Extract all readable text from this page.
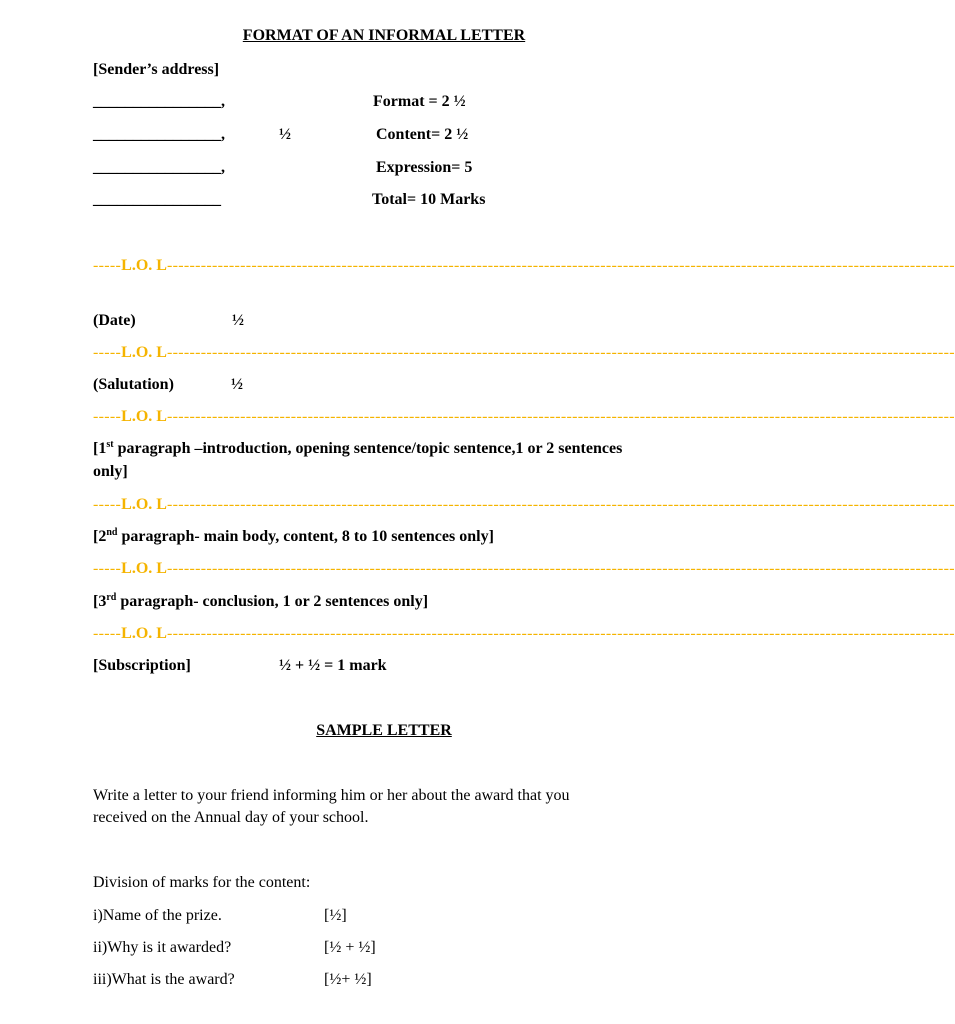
FORMAT OF AN INFORMAL LETTER
[Sender’s address]
________________,	Format = 2 ½
________________,	½	Content= 2 ½
________________,	Expression= 5
________________	Total= 10 Marks
-----L.O. L--------------------------------------------------------------------------------------------------------------------------------------------
(Date)	½
-----L.O. L--------------------------------------------------------------------------------------------------------------------------------------------
(Salutation)	½
-----L.O. L--------------------------------------------------------------------------------------------------------------------------------------------
[1st paragraph –introduction, opening sentence/topic sentence,1 or 2 sentences only]
-----L.O. L--------------------------------------------------------------------------------------------------------------------------------------------
[2nd paragraph- main body, content, 8 to 10 sentences only]
-----L.O. L--------------------------------------------------------------------------------------------------------------------------------------------
[3rd paragraph- conclusion, 1 or 2 sentences only]
-----L.O. L--------------------------------------------------------------------------------------------------------------------------------------------
[Subscription]	½ + ½ = 1 mark
SAMPLE LETTER
Write a letter to your friend informing him or her about the award that you
received on the Annual day of your school.
Division of marks for the content:
i)Name of the prize.	[½]
ii)Why is it awarded?	[½ + ½]
iii)What is the award?	[½+ ½]
